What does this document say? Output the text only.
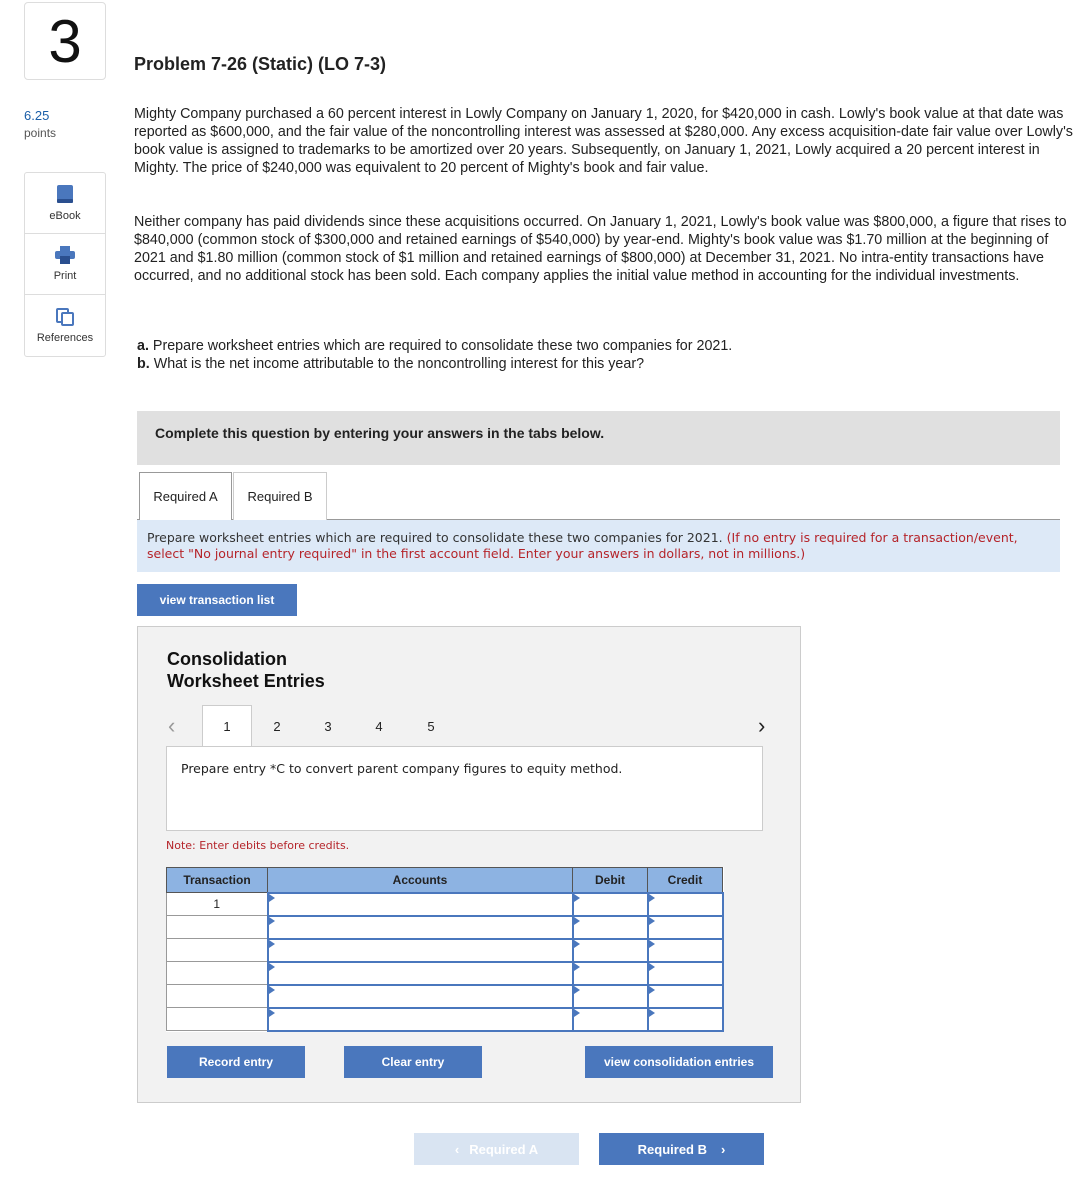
3	Problem 7-26 (Static) (LO 7-3)
6.25
points
eBook
Print
References
Mighty Company purchased a 60 percent interest in Lowly Company on January 1, 2020, for $420,000 in cash. Lowly's book value at that date was reported as $600,000, and the fair value of the noncontrolling interest was assessed at $280,000. Any excess acquisition-date fair value over Lowly's book value is assigned to trademarks to be amortized over 20 years. Subsequently, on January 1, 2021, Lowly acquired a 20 percent interest in Mighty. The price of $240,000 was equivalent to 20 percent of Mighty's book and fair value.
Neither company has paid dividends since these acquisitions occurred. On January 1, 2021, Lowly's book value was $800,000, a figure that rises to $840,000 (common stock of $300,000 and retained earnings of $540,000) by year-end. Mighty's book value was $1.70 million at the beginning of 2021 and $1.80 million (common stock of $1 million and retained earnings of $800,000) at December 31, 2021. No intra-entity transactions have occurred, and no additional stock has been sold. Each company applies the initial value method in accounting for the individual investments.
a. Prepare worksheet entries which are required to consolidate these two companies for 2021.
b. What is the net income attributable to the noncontrolling interest for this year?
Complete this question by entering your answers in the tabs below.
Required A	Required B
Prepare worksheet entries which are required to consolidate these two companies for 2021. (If no entry is required for a transaction/event, select "No journal entry required" in the first account field. Enter your answers in dollars, not in millions.)
view transaction list
Consolidation
Worksheet Entries
‹	1	2	3	4	5	›
Prepare entry *C to convert parent company figures to equity method.
Note: Enter debits before credits.
Transaction	Accounts	Debit	Credit
1			

Record entry	Clear entry	view consolidation entries
‹ Required A	Required B ›
